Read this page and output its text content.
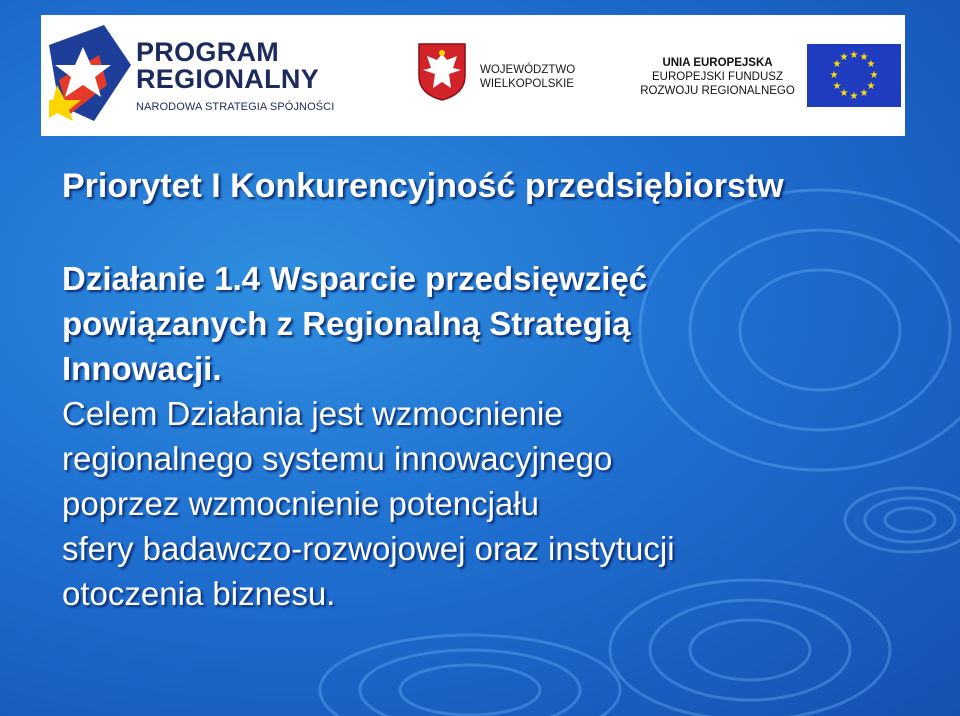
PROGRAM
REGIONALNY
NARODOWA STRATEGIA SPÓJNOŚCI
WOJEWÓDZTWO
WIELKOPOLSKIE
UNIA EUROPEJSKA
EUROPEJSKI FUNDUSZ
ROZWOJU REGIONALNEGO
★ ★
★
★
★
★
★
★
★
★
★
★
Priorytet I Konkurencyjność przedsiębiorstw
Działanie 1.4 Wsparcie przedsięwzięć
powiązanych z Regionalną Strategią
Innowacji.
Celem Działania jest wzmocnienie
regionalnego systemu innowacyjnego
poprzez wzmocnienie potencjału
sfery badawczo-rozwojowej oraz instytucji
otoczenia biznesu.
